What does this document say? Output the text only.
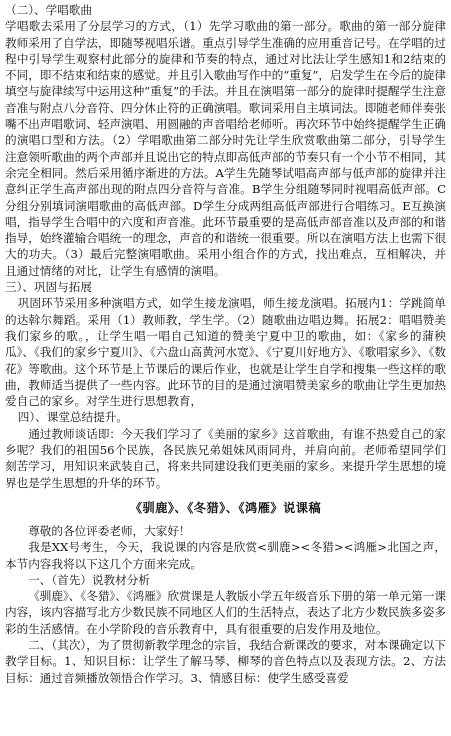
（二）、学唱歌曲

学唱歌去采用了分层学习的方式，（1）先学习歌曲的第一部分。歌曲的第一部分旋律教师采用了自学法，即随琴视唱乐谱。重点引导学生准确的应用重音记号。在学唱的过程中引导学生观察村此部分的旋律和节奏的特点，通过对比法让学生感知1和2结束的不同，即不结束和结束的感觉。并且引入歌曲写作中的“重复”，启发学生在今后的旋律填空与旋律续写中运用这种“重复”的手法。并且在演唱第一部分的旋律时提醒学生注意音准与附点八分音符、四分休止符的正确演唱。歌词采用自主填词法。即随老师伴奏张嘴不出声唱歌词、轻声演唱、用圆融的声音唱给老师听。再次环节中始终提醒学生正确的演唱口型和方法。（2）学唱歌曲第二部分时先让学生欣赏歌曲第二部分，引导学生注意领听歌曲的两个声部并且说出它的特点即高低声部的节奏只有一个小节不相同，其余完全相同。然后采用循序渐进的方法。A学生先随琴试唱高声部与低声部的旋律并注意纠正学生高声部出现的附点四分音符与音准。B学生分组随琴同时视唱高低声部。C分组分别填词演唱歌曲的高低声部。D学生分成两组高低声部进行合唱练习。E互换演唱，指导学生合唱中的六度和声音准。此环节最重要的是高低声部音准以及声部的和谐指导，始终灌输合唱统一的理念，声音的和谐统一很重要。所以在演唱方法上也需下很大的功夫。（3）最后完整演唱歌曲。采用小组合作的方式，找出难点，互相解决，并且通过情绪的对比，让学生有感情的演唱。

三）、巩固与拓展

巩固环节采用多种演唱方式，如学生接龙演唱，师生接龙演唱。拓展内1：学跳简单的达斡尔舞蹈。采用（1）教师教，学生学。（2）随歌曲边唱边舞。拓展2：唱唱赞美我们家乡的歌。，让学生唱一唱自己知道的赞美宁夏中卫的歌曲，如：《家乡的蒲秧瓜》、《我们的家乡宁夏川》、《六盘山高黄河水宽》、《宁夏川好地方》、《歌唱家乡》、《数花》等歌曲。这个环节是上节课后的课后作业，也就是让学生自学和搜集一些这样的歌曲，教师适当提供了一些内容。此环节的目的是通过演唱赞美家乡的歌曲让学生更加热爱自己的家乡。对学生进行思想教育，

四）、课堂总结提升。

通过教师谈话即：今天我们学习了《美丽的家乡》这首歌曲，有谁不热爱自己的家乡呢？我们的祖国56个民族，各民族兄弟姐妹风雨同舟，并肩向前。老师希望同学们刻苦学习，用知识来武装自己，将来共同建设我们更美丽的家乡。来提升学生思想的境界也是学生思想的升华的环节。

《驯鹿》、《冬猎》、《鸿雁》说课稿

尊敬的各位评委老师，大家好！

我是XX号考生，今天，我说课的内容是欣赏<驯鹿><冬猎><鸿雁>北国之声，本节内容我将以下这几个方面来完成。

一、（首先）说教材分析

《驯鹿》、《冬猎》、《鸿雁》欣赏课是人教版小学五年级音乐下册的第一单元第一课内容，该内容描写北方少数民族不同地区人们的生活特点，表达了北方少数民族多姿多彩的生活感情。在小学阶段的音乐教育中，具有很重要的启发作用及地位。

二、（其次），为了贯彻新教学理念的宗旨，我结合新课改的要求，对本课确定以下教学目标。1、知识目标：让学生了解马琴、柳琴的音色特点以及表现方法。2、方法目标：通过音频播放领悟合作学习。3、情感目标：使学生感受喜爱
